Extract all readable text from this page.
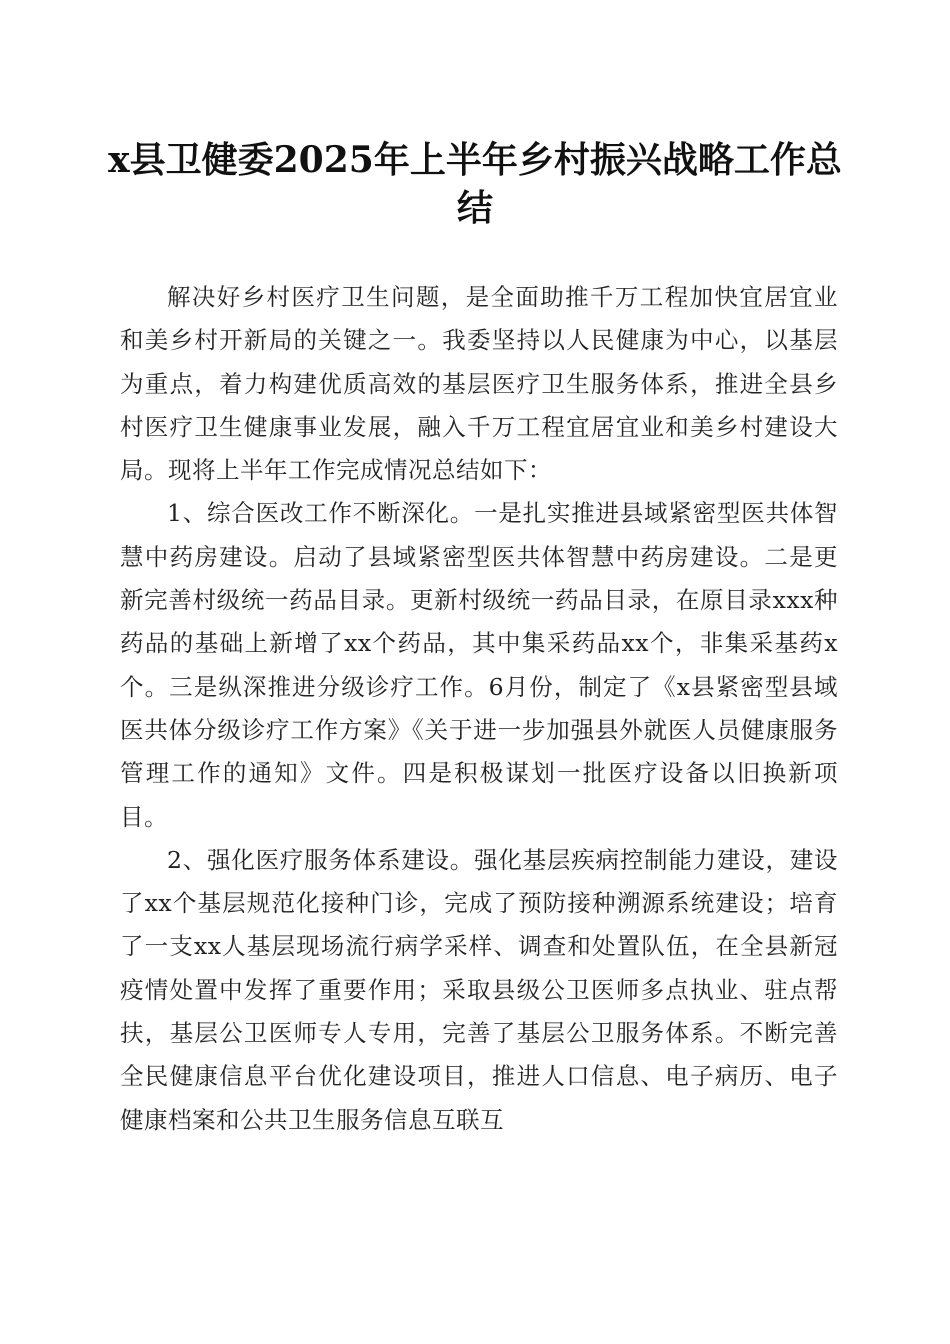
x县卫健委2025年上半年乡村振兴战略工作总结

解决好乡村医疗卫生问题，是全面助推千万工程加快宜居宜业和美乡村开新局的关键之一。我委坚持以人民健康为中心，以基层为重点，着力构建优质高效的基层医疗卫生服务体系，推进全县乡村医疗卫生健康事业发展，融入千万工程宜居宜业和美乡村建设大局。现将上半年工作完成情况总结如下：

1、综合医改工作不断深化。一是扎实推进县域紧密型医共体智慧中药房建设。启动了县域紧密型医共体智慧中药房建设。二是更新完善村级统一药品目录。更新村级统一药品目录，在原目录xxx种药品的基础上新增了xx个药品，其中集采药品xx个，非集采基药x个。三是纵深推进分级诊疗工作。6月份，制定了《x县紧密型县域医共体分级诊疗工作方案》《关于进一步加强县外就医人员健康服务管理工作的通知》文件。四是积极谋划一批医疗设备以旧换新项目。

2、强化医疗服务体系建设。强化基层疾病控制能力建设，建设了xx个基层规范化接种门诊，完成了预防接种溯源系统建设；培育了一支xx人基层现场流行病学采样、调查和处置队伍，在全县新冠疫情处置中发挥了重要作用；采取县级公卫医师多点执业、驻点帮扶，基层公卫医师专人专用，完善了基层公卫服务体系。不断完善全民健康信息平台优化建设项目，推进人口信息、电子病历、电子健康档案和公共卫生服务信息互联互
